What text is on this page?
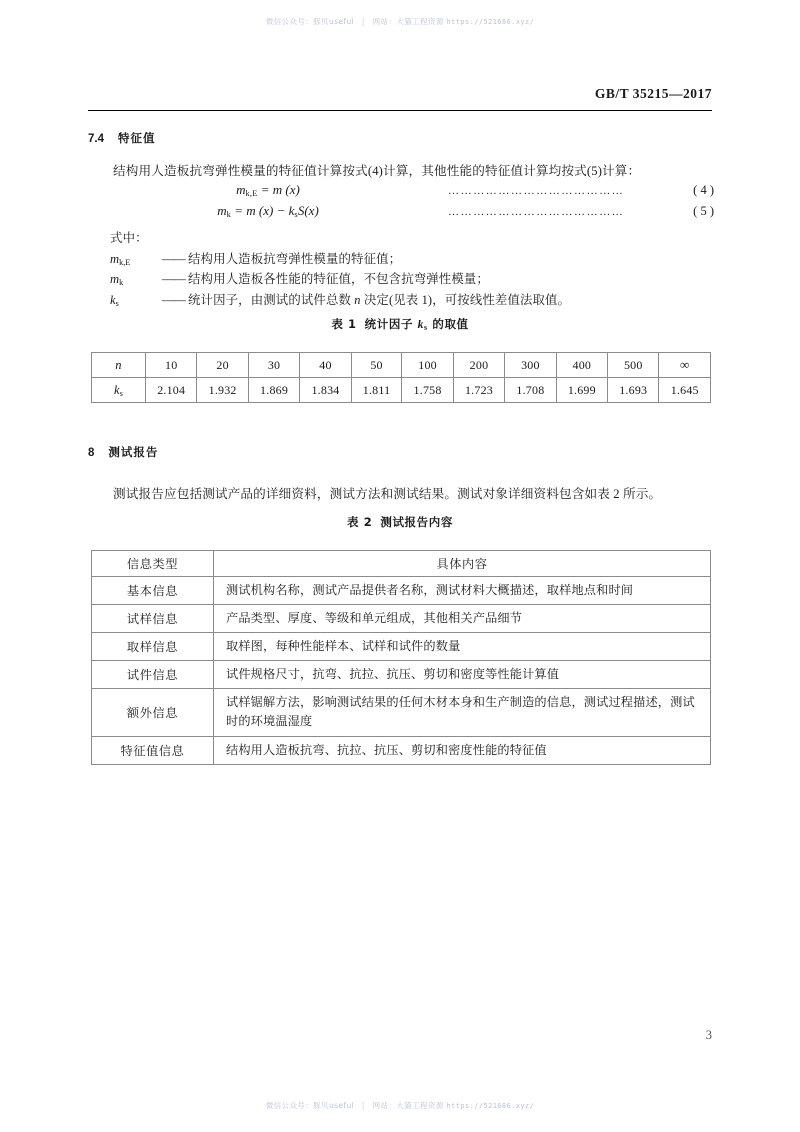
微信公众号：豚贝useful | 网站：大猫工程资源 https://521686.xyz/
GB/T 35215—2017
7.4 特征值
结构用人造板抗弯弹性模量的特征值计算按式(4)计算，其他性能的特征值计算均按式(5)计算：
$m_{k,E} = m$ (x)	……………………………………	( 4 )
$m_k = m$ $(x) - k_sS(x)$	……………………………………	( 5 )
式中：
$m_{k,E}$	—— 结构用人造板抗弯弹性模量的特征值；
$m_k$	—— 结构用人造板各性能的特征值，不包含抗弯弹性模量；
$k_s$	—— 统计因子，由测试的试件总数 n 决定(见表 1)，可按线性差值法取值。
表 1 统计因子 $k_s$ 的取值
n	10	20	30	40	50	100	200	300	400	500	∞
$k_s$	2.104	1.932	1.869	1.834	1.811	1.758	1.723	1.708	1.699	1.693	1.645
8 测试报告
测试报告应包括测试产品的详细资料，测试方法和测试结果。测试对象详细资料包含如表 2 所示。
表 2 测试报告内容
信息类型	具体内容
基本信息	测试机构名称，测试产品提供者名称，测试材料大概描述，取样地点和时间
试样信息	产品类型、厚度、等级和单元组成，其他相关产品细节
取样信息	取样图，每种性能样本、试样和试件的数量
试件信息	试件规格尺寸，抗弯、抗拉、抗压、剪切和密度等性能计算值
额外信息	试样锯解方法，影响测试结果的任何木材本身和生产制造的信息，测试过程描述，测试时的环境温湿度
特征值信息	结构用人造板抗弯、抗拉、抗压、剪切和密度性能的特征值
3
微信公众号：豚贝useful | 网站：大猫工程资源 https://521686.xyz/
